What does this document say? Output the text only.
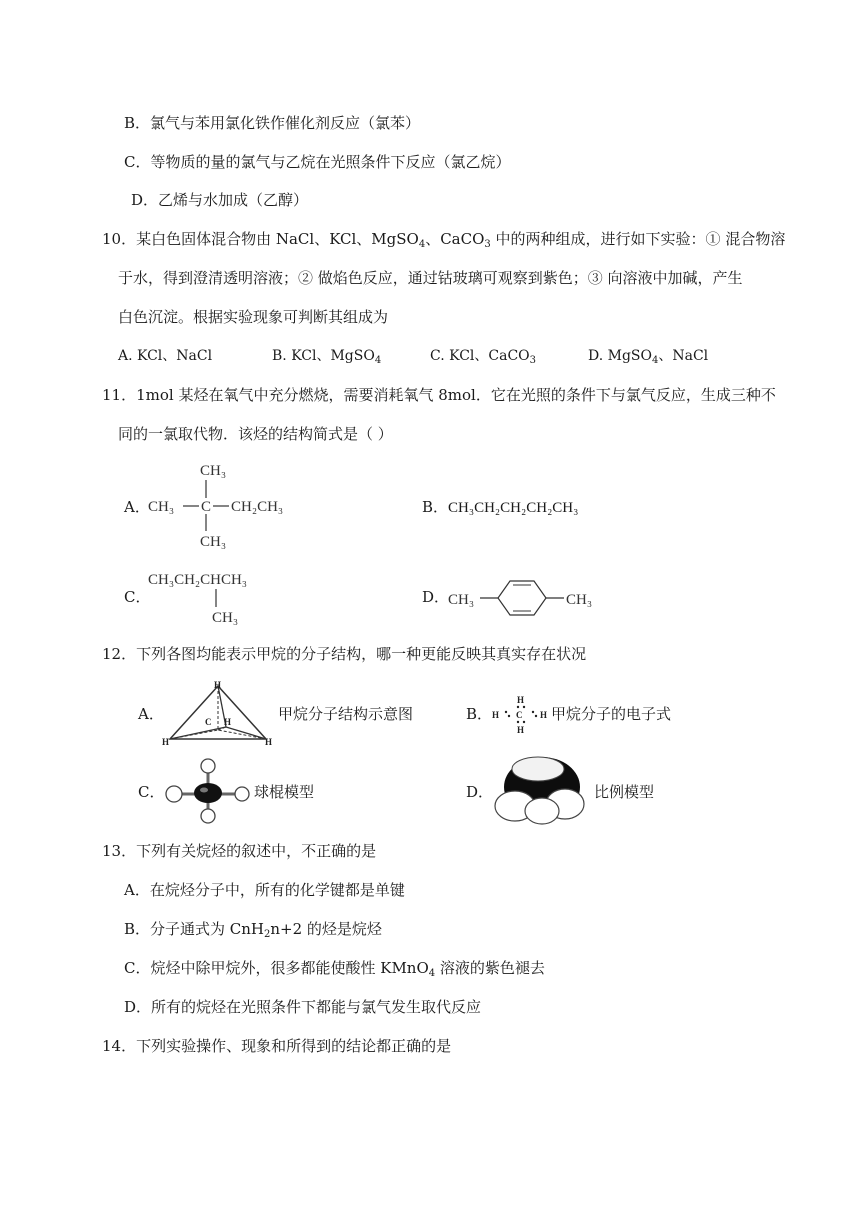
B．氯气与苯用氯化铁作催化剂反应（氯苯）
C．等物质的量的氯气与乙烷在光照条件下反应（氯乙烷）
D．乙烯与水加成（乙醇）
10．某白色固体混合物由 NaCl、KCl、MgSO$_4$、CaCO$_3$ 中的两种组成，进行如下实验：① 混合物溶
于水，得到澄清透明溶液；② 做焰色反应，通过钴玻璃可观察到紫色；③ 向溶液中加碱，产生
白色沉淀。根据实验现象可判断其组成为
A. KCl、NaCl	B. KCl、MgSO$_4$	C. KCl、CaCO$_3$	D. MgSO$_4$、NaCl
11．1mol 某烃在氧气中充分燃烧，需要消耗氧气 8mol．它在光照的条件下与氯气反应，生成三种不
同的一氯取代物．该烃的结构简式是（ ）
A．
CH₃
CH₃ C CH₂CH₃
CH₃
B．CH₃CH₂CH₂CH₂CH₃
C．
CH₃CH₂CHCH₃
CH₃
D．
CH₃	CH₃
12．下列各图均能表示甲烷的分子结构，哪一种更能反映其真实存在状况
A．
H
C H
H	H
甲烷分子结构示意图	B． H C H
H
H
甲烷分子的电子式
C．	球棍模型	D．	比例模型
13．下列有关烷烃的叙述中，不正确的是
A．在烷烃分子中，所有的化学键都是单键
B．分子通式为 CnH$_2$n+2 的烃是烷烃
C．烷烃中除甲烷外，很多都能使酸性 KMnO$_4$ 溶液的紫色褪去
D．所有的烷烃在光照条件下都能与氯气发生取代反应
14．下列实验操作、现象和所得到的结论都正确的是
